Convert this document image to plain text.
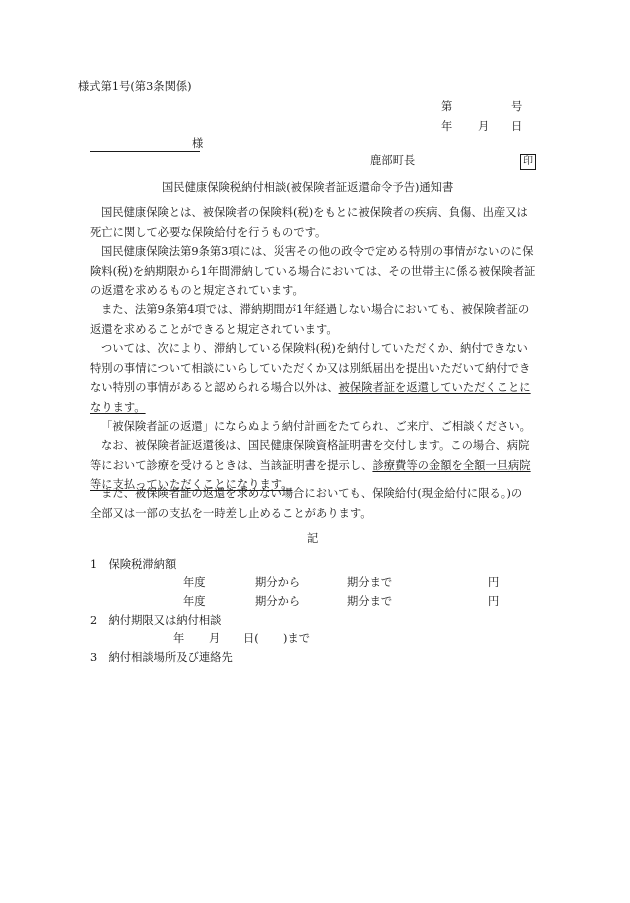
様式第1号(第3条関係)
第	号
年 月 日
様
鹿部町長	印
国民健康保険税納付相談(被保険者証返還命令予告)通知書
国民健康保険とは、被保険者の保険料(税)をもとに被保険者の疾病、負傷、出産又は
死亡に関して必要な保険給付を行うものです。
国民健康保険法第9条第3項には、災害その他の政令で定める特別の事情がないのに保
険料(税)を納期限から1年間滞納している場合においては、その世帯主に係る被保険者証
の返還を求めるものと規定されています。
また、法第9条第4項では、滞納期間が1年経過しない場合においても、被保険者証の
返還を求めることができると規定されています。
ついては、次により、滞納している保険料(税)を納付していただくか、納付できない
特別の事情について相談にいらしていただくか又は別紙届出を提出いただいて納付でき
ない特別の事情があると認められる場合以外は、被保険者証を返還していただくことに
なります。
「被保険者証の返還」にならぬよう納付計画をたてられ、ご来庁、ご相談ください。
なお、被保険者証返還後は、国民健康保険資格証明書を交付します。この場合、病院
等において診療を受けるときは、当該証明書を提示し、診療費等の金額を全額一旦病院
等に支払っていただくことになります。
また、被保険者証の返還を求めない場合においても、保険給付(現金給付に限る。)の
全部又は一部の支払を一時差し止めることがあります。
記
1　保険税滞納額
年度	期分から	期分まで	円
年度	期分から	期分まで	円
2　納付期限又は納付相談
年 月 日( )まで
3　納付相談場所及び連絡先
